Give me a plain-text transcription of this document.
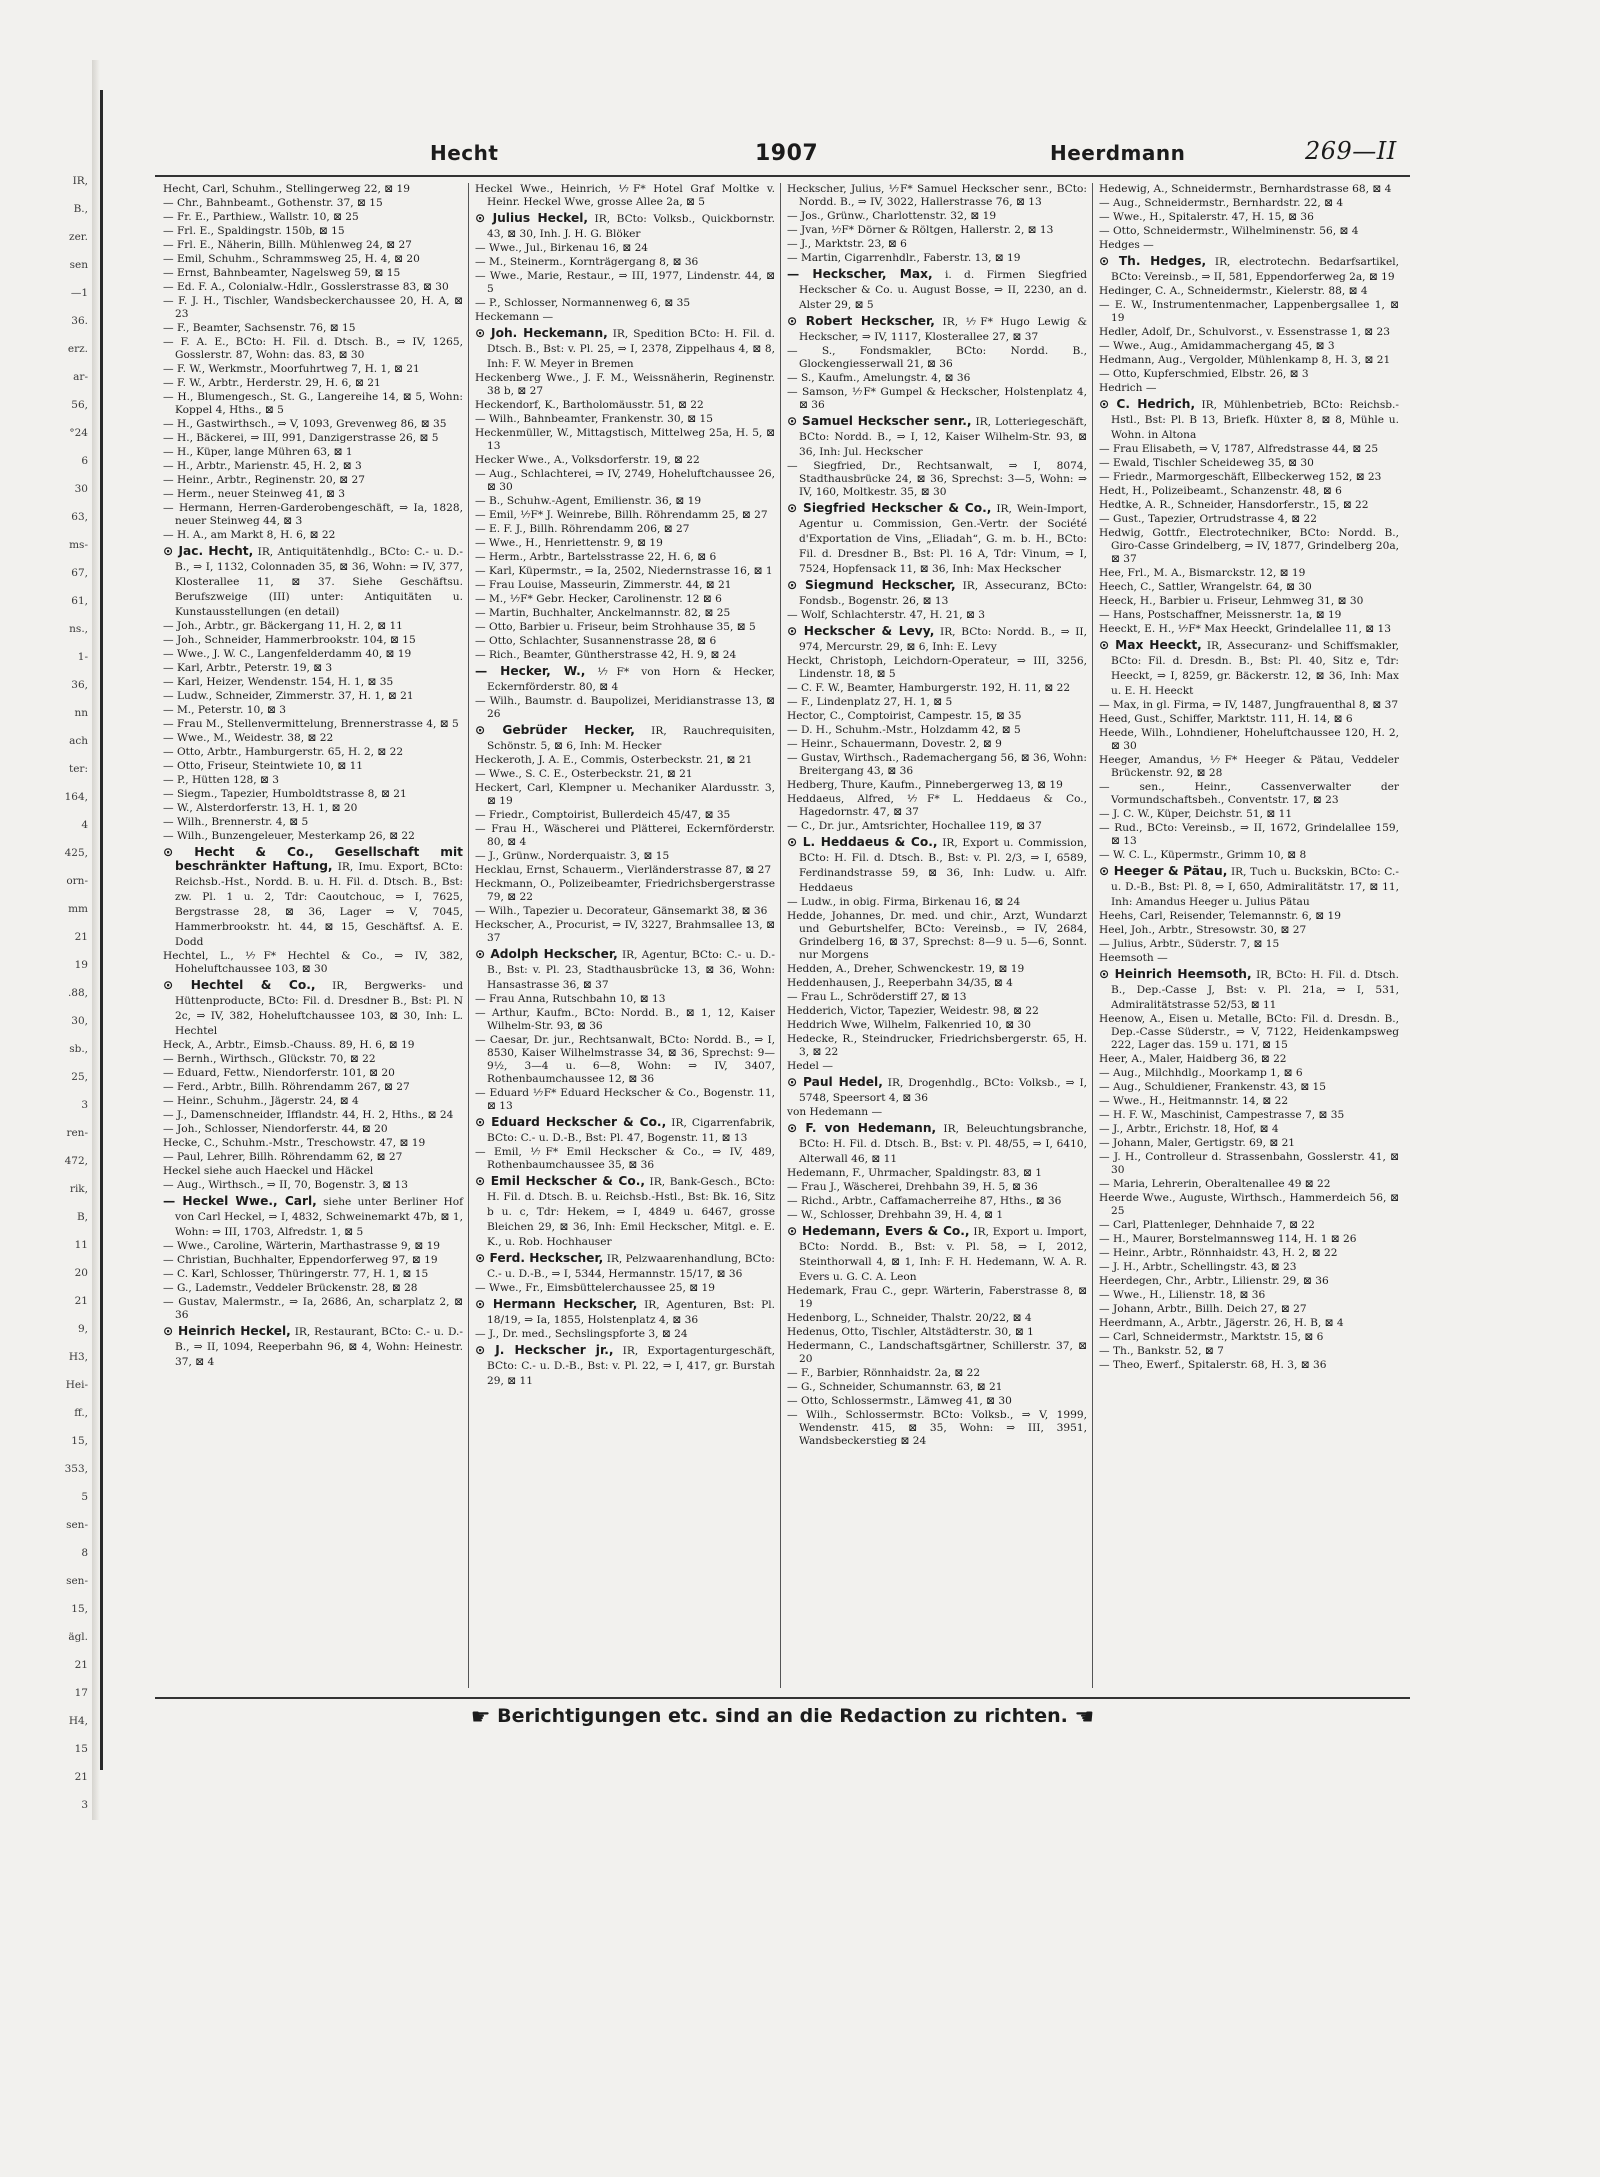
IR,
B.,
zer.
sen
—1
36.
erz.
ar-
56,
°24
6
30
63,
ms-
67,
61,
ns.,
1-
36,
nn
ach
ter:
164,
4
425,
orn-
mm
21
19
.88,
30,
sb.,
25,
3
ren-
472,
rik,
B,
11
20
21
9,
H3,
Hei-
ff.,
15,
353,
5
sen-
8
sen-
15,
ägl.
21
17
H4,
15
21
3
Hecht	1907	Heerdmann	269—II

Hecht, Carl, Schuhm., Stellingerweg 22, ⊠ 19

— Chr., Bahnbeamt., Gothenstr. 37, ⊠ 15

— Fr. E., Parthiew., Wallstr. 10, ⊠ 25

— Frl. E., Spaldingstr. 150b, ⊠ 15

— Frl. E., Näherin, Billh. Mühlenweg 24, ⊠ 27

— Emil, Schuhm., Schrammsweg 25, H. 4, ⊠ 20

— Ernst, Bahnbeamter, Nagelsweg 59, ⊠ 15

— Ed. F. A., Colonialw.-Hdlr., Gosslerstrasse 83, ⊠ 30

— F. J. H., Tischler, Wandsbeckerchaussee 20, H. A, ⊠ 23

— F., Beamter, Sachsenstr. 76, ⊠ 15

— F. A. E., BCto: H. Fil. d. Dtsch. B., ⇒ IV, 1265, Gosslerstr. 87, Wohn: das. 83, ⊠ 30

— F. W., Werkmstr., Moorfuhrtweg 7, H. 1, ⊠ 21

— F. W., Arbtr., Herderstr. 29, H. 6, ⊠ 21

— H., Blumengesch., St. G., Langereihe 14, ⊠ 5, Wohn: Koppel 4, Hths., ⊠ 5

— H., Gastwirthsch., ⇒ V, 1093, Grevenweg 86, ⊠ 35

— H., Bäckerei, ⇒ III, 991, Danzigerstrasse 26, ⊠ 5

— H., Küper, lange Mühren 63, ⊠ 1

— H., Arbtr., Marienstr. 45, H. 2, ⊠ 3

— Heinr., Arbtr., Reginenstr. 20, ⊠ 27

— Herm., neuer Steinweg 41, ⊠ 3

— Hermann, Herren-Garderobengeschäft, ⇒ Ia, 1828, neuer Steinweg 44, ⊠ 3

— H. A., am Markt 8, H. 6, ⊠ 22

⊙ Jac. Hecht, IR, Antiquitätenhdlg., BCto: C.- u. D.-B., ⇒ I, 1132, Colonnaden 35, ⊠ 36, Wohn: ⇒ IV, 377, Klosterallee 11, ⊠ 37. Siehe Geschäftsu. Berufszweige (III) unter: Antiquitäten u. Kunstausstellungen (en detail)

— Joh., Arbtr., gr. Bäckergang 11, H. 2, ⊠ 11

— Joh., Schneider, Hammerbrookstr. 104, ⊠ 15

— Wwe., J. W. C., Langenfelderdamm 40, ⊠ 19

— Karl, Arbtr., Peterstr. 19, ⊠ 3

— Karl, Heizer, Wendenstr. 154, H. 1, ⊠ 35

— Ludw., Schneider, Zimmerstr. 37, H. 1, ⊠ 21

— M., Peterstr. 10, ⊠ 3

— Frau M., Stellenvermittelung, Brennerstrasse 4, ⊠ 5

— Wwe., M., Weidestr. 38, ⊠ 22

— Otto, Arbtr., Hamburgerstr. 65, H. 2, ⊠ 22

— Otto, Friseur, Steintwiete 10, ⊠ 11

— P., Hütten 128, ⊠ 3

— Siegm., Tapezier, Humboldtstrasse 8, ⊠ 21

— W., Alsterdorferstr. 13, H. 1, ⊠ 20

— Wilh., Brennerstr. 4, ⊠ 5

— Wilh., Bunzengeleuer, Mesterkamp 26, ⊠ 22

⊙ Hecht & Co., Gesellschaft mit beschränkter Haftung, IR, Imu. Export, BCto: Reichsb.-Hst., Nordd. B. u. H. Fil. d. Dtsch. B., Bst: zw. Pl. 1 u. 2, Tdr: Caoutchouc, ⇒ I, 7625, Bergstrasse 28, ⊠ 36, Lager ⇒ V, 7045, Hammerbrookstr. ht. 44, ⊠ 15, Geschäftsf. A. E. Dodd

Hechtel, L., ⅐F* Hechtel & Co., ⇒ IV, 382, Hoheluftchaussee 103, ⊠ 30

⊙ Hechtel & Co., IR, Bergwerks- und Hüttenproducte, BCto: Fil. d. Dresdner B., Bst: Pl. N 2c, ⇒ IV, 382, Hoheluftchaussee 103, ⊠ 30, Inh: L. Hechtel

Heck, A., Arbtr., Eimsb.-Chauss. 89, H. 6, ⊠ 19

— Bernh., Wirthsch., Glückstr. 70, ⊠ 22

— Eduard, Fettw., Niendorferstr. 101, ⊠ 20

— Ferd., Arbtr., Billh. Röhrendamm 267, ⊠ 27

— Heinr., Schuhm., Jägerstr. 24, ⊠ 4

— J., Damenschneider, Ifflandstr. 44, H. 2, Hths., ⊠ 24

— Joh., Schlosser, Niendorferstr. 44, ⊠ 20

Hecke, C., Schuhm.-Mstr., Treschowstr. 47, ⊠ 19

— Paul, Lehrer, Billh. Röhrendamm 62, ⊠ 27

Heckel siehe auch Haeckel und Häckel

— Aug., Wirthsch., ⇒ II, 70, Bogenstr. 3, ⊠ 13

— Heckel Wwe., Carl, siehe unter Berliner Hof von Carl Heckel, ⇒ I, 4832, Schweinemarkt 47b, ⊠ 1, Wohn: ⇒ III, 1703, Alfredstr. 1, ⊠ 5

— Wwe., Caroline, Wärterin, Marthastrasse 9, ⊠ 19

— Christian, Buchhalter, Eppendorferweg 97, ⊠ 19

— C. Karl, Schlosser, Thüringerstr. 77, H. 1, ⊠ 15

— G., Lademstr., Veddeler Brückenstr. 28, ⊠ 28

— Gustav, Malermstr., ⇒ Ia, 2686, An, scharplatz 2, ⊠ 36

⊙ Heinrich Heckel, IR, Restaurant, BCto: C.- u. D.-B., ⇒ II, 1094, Reeperbahn 96, ⊠ 4, Wohn: Heinestr. 37, ⊠ 4

Heckel Wwe., Heinrich, ⅐F* Hotel Graf Moltke v. Heinr. Heckel Wwe, grosse Allee 2a, ⊠ 5

⊙ Julius Heckel, IR, BCto: Volksb., Quickbornstr. 43, ⊠ 30, Inh. J. H. G. Blöker

— Wwe., Jul., Birkenau 16, ⊠ 24

— M., Steinerm., Kornträgergang 8, ⊠ 36

— Wwe., Marie, Restaur., ⇒ III, 1977, Lindenstr. 44, ⊠ 5

— P., Schlosser, Normannenweg 6, ⊠ 35

Heckemann —

⊙ Joh. Heckemann, IR, Spedition BCto: H. Fil. d. Dtsch. B., Bst: v. Pl. 25, ⇒ I, 2378, Zippelhaus 4, ⊠ 8, Inh: F. W. Meyer in Bremen

Heckenberg Wwe., J. F. M., Weissnäherin, Reginenstr. 38 b, ⊠ 27

Heckendorf, K., Bartholomäusstr. 51, ⊠ 22

— Wilh., Bahnbeamter, Frankenstr. 30, ⊠ 15

Heckenmüller, W., Mittagstisch, Mittelweg 25a, H. 5, ⊠ 13

Hecker Wwe., A., Volksdorferstr. 19, ⊠ 22

— Aug., Schlachterei, ⇒ IV, 2749, Hoheluftchaussee 26, ⊠ 30

— B., Schuhw.-Agent, Emilienstr. 36, ⊠ 19

— Emil, ⅐F* J. Weinrebe, Billh. Röhrendamm 25, ⊠ 27

— E. F. J., Billh. Röhrendamm 206, ⊠ 27

— Wwe., H., Henriettenstr. 9, ⊠ 19

— Herm., Arbtr., Bartelsstrasse 22, H. 6, ⊠ 6

— Karl, Küpermstr., ⇒ Ia, 2502, Niedernstrasse 16, ⊠ 1

— Frau Louise, Masseurin, Zimmerstr. 44, ⊠ 21

— M., ⅐F* Gebr. Hecker, Carolinenstr. 12 ⊠ 6

— Martin, Buchhalter, Anckelmannstr. 82, ⊠ 25

— Otto, Barbier u. Friseur, beim Strohhause 35, ⊠ 5

— Otto, Schlachter, Susannenstrasse 28, ⊠ 6

— Rich., Beamter, Güntherstrasse 42, H. 9, ⊠ 24

— Hecker, W., ⅐F* von Horn & Hecker, Eckernförderstr. 80, ⊠ 4

— Wilh., Baumstr. d. Baupolizei, Meridianstrasse 13, ⊠ 26

⊙ Gebrüder Hecker, IR, Rauchrequisiten, Schönstr. 5, ⊠ 6, Inh: M. Hecker

Heckeroth, J. A. E., Commis, Osterbeckstr. 21, ⊠ 21

— Wwe., S. C. E., Osterbeckstr. 21, ⊠ 21

Heckert, Carl, Klempner u. Mechaniker Alardusstr. 3, ⊠ 19

— Friedr., Comptoirist, Bullerdeich 45/47, ⊠ 35

— Frau H., Wäscherei und Plätterei, Eckernförderstr. 80, ⊠ 4

— J., Grünw., Norderquaistr. 3, ⊠ 15

Hecklau, Ernst, Schauerm., Vierländerstrasse 87, ⊠ 27

Heckmann, O., Polizeibeamter, Friedrichsbergerstrasse 79, ⊠ 22

— Wilh., Tapezier u. Decorateur, Gänsemarkt 38, ⊠ 36

Heckscher, A., Procurist, ⇒ IV, 3227, Brahmsallee 13, ⊠ 37

⊙ Adolph Heckscher, IR, Agentur, BCto: C.- u. D.-B., Bst: v. Pl. 23, Stadthausbrücke 13, ⊠ 36, Wohn: Hansastrasse 36, ⊠ 37

— Frau Anna, Rutschbahn 10, ⊠ 13

— Arthur, Kaufm., BCto: Nordd. B., ⊠ 1, 12, Kaiser Wilhelm-Str. 93, ⊠ 36

— Caesar, Dr. jur., Rechtsanwalt, BCto: Nordd. B., ⇒ I, 8530, Kaiser Wilhelmstrasse 34, ⊠ 36, Sprechst: 9—9½, 3—4 u. 6—8, Wohn: ⇒ IV, 3407, Rothenbaumchaussee 12, ⊠ 36

— Eduard ⅐F* Eduard Heckscher & Co., Bogenstr. 11, ⊠ 13

⊙ Eduard Heckscher & Co., IR, Cigarrenfabrik, BCto: C.- u. D.-B., Bst: Pl. 47, Bogenstr. 11, ⊠ 13

— Emil, ⅐F* Emil Heckscher & Co., ⇒ IV, 489, Rothenbaumchaussee 35, ⊠ 36

⊙ Emil Heckscher & Co., IR, Bank-Gesch., BCto: H. Fil. d. Dtsch. B. u. Reichsb.-Hstl., Bst: Bk. 16, Sitz b u. c, Tdr: Hekem, ⇒ I, 4849 u. 6467, grosse Bleichen 29, ⊠ 36, Inh: Emil Heckscher, Mitgl. e. E. K., u. Rob. Hochhauser

⊙ Ferd. Heckscher, IR, Pelzwaarenhandlung, BCto: C.- u. D.-B., ⇒ I, 5344, Hermannstr. 15/17, ⊠ 36

— Wwe., Fr., Eimsbüttelerchaussee 25, ⊠ 19

⊙ Hermann Heckscher, IR, Agenturen, Bst: Pl. 18/19, ⇒ Ia, 1855, Holstenplatz 4, ⊠ 36

— J., Dr. med., Sechslingspforte 3, ⊠ 24

⊙ J. Heckscher jr., IR, Exportagenturgeschäft, BCto: C.- u. D.-B., Bst: v. Pl. 22, ⇒ I, 417, gr. Burstah 29, ⊠ 11

Heckscher, Julius, ⅐F* Samuel Heckscher senr., BCto: Nordd. B., ⇒ IV, 3022, Hallerstrasse 76, ⊠ 13

— Jos., Grünw., Charlottenstr. 32, ⊠ 19

— Jvan, ⅐F* Dörner & Röltgen, Hallerstr. 2, ⊠ 13

— J., Marktstr. 23, ⊠ 6

— Martin, Cigarrenhdlr., Faberstr. 13, ⊠ 19

— Heckscher, Max, i. d. Firmen Siegfried Heckscher & Co. u. August Bosse, ⇒ II, 2230, an d. Alster 29, ⊠ 5

⊙ Robert Heckscher, IR, ⅐F* Hugo Lewig & Heckscher, ⇒ IV, 1117, Klosterallee 27, ⊠ 37

— S., Fondsmakler, BCto: Nordd. B., Glockengiesserwall 21, ⊠ 36

— S., Kaufm., Amelungstr. 4, ⊠ 36

— Samson, ⅐F* Gumpel & Heckscher, Holstenplatz 4, ⊠ 36

⊙ Samuel Heckscher senr., IR, Lotteriegeschäft, BCto: Nordd. B., ⇒ I, 12, Kaiser Wilhelm-Str. 93, ⊠ 36, Inh: Jul. Heckscher

— Siegfried, Dr., Rechtsanwalt, ⇒ I, 8074, Stadthausbrücke 24, ⊠ 36, Sprechst: 3—5, Wohn: ⇒ IV, 160, Moltkestr. 35, ⊠ 30

⊙ Siegfried Heckscher & Co., IR, Wein-Import, Agentur u. Commission, Gen.-Vertr. der Société d'Exportation de Vins, „Eliadah“, G. m. b. H., BCto: Fil. d. Dresdner B., Bst: Pl. 16 A, Tdr: Vinum, ⇒ I, 7524, Hopfensack 11, ⊠ 36, Inh: Max Heckscher

⊙ Siegmund Heckscher, IR, Assecuranz, BCto: Fondsb., Bogenstr. 26, ⊠ 13

— Wolf, Schlachterstr. 47, H. 21, ⊠ 3

⊙ Heckscher & Levy, IR, BCto: Nordd. B., ⇒ II, 974, Mercurstr. 29, ⊠ 6, Inh: E. Levy

Heckt, Christoph, Leichdorn-Operateur, ⇒ III, 3256, Lindenstr. 18, ⊠ 5

— C. F. W., Beamter, Hamburgerstr. 192, H. 11, ⊠ 22

— F., Lindenplatz 27, H. 1, ⊠ 5

Hector, C., Comptoirist, Campestr. 15, ⊠ 35

— D. H., Schuhm.-Mstr., Holzdamm 42, ⊠ 5

— Heinr., Schauermann, Dovestr. 2, ⊠ 9

— Gustav, Wirthsch., Rademachergang 56, ⊠ 36, Wohn: Breitergang 43, ⊠ 36

Hedberg, Thure, Kaufm., Pinnebergerweg 13, ⊠ 19

Heddaeus, Alfred, ⅐F* L. Heddaeus & Co., Hagedornstr. 47, ⊠ 37

— C., Dr. jur., Amtsrichter, Hochallee 119, ⊠ 37

⊙ L. Heddaeus & Co., IR, Export u. Commission, BCto: H. Fil. d. Dtsch. B., Bst: v. Pl. 2/3, ⇒ I, 6589, Ferdinandstrasse 59, ⊠ 36, Inh: Ludw. u. Alfr. Heddaeus

— Ludw., in obig. Firma, Birkenau 16, ⊠ 24

Hedde, Johannes, Dr. med. und chir., Arzt, Wundarzt und Geburtshelfer, BCto: Vereinsb., ⇒ IV, 2684, Grindelberg 16, ⊠ 37, Sprechst: 8—9 u. 5—6, Sonnt. nur Morgens

Hedden, A., Dreher, Schwenckestr. 19, ⊠ 19

Heddenhausen, J., Reeperbahn 34/35, ⊠ 4

— Frau L., Schröderstiff 27, ⊠ 13

Hedderich, Victor, Tapezier, Weidestr. 98, ⊠ 22

Heddrich Wwe, Wilhelm, Falkenried 10, ⊠ 30

Hedecke, R., Steindrucker, Friedrichsbergerstr. 65, H. 3, ⊠ 22

Hedel —

⊙ Paul Hedel, IR, Drogenhdlg., BCto: Volksb., ⇒ I, 5748, Speersort 4, ⊠ 36

von Hedemann —

⊙ F. von Hedemann, IR, Beleuchtungsbranche, BCto: H. Fil. d. Dtsch. B., Bst: v. Pl. 48/55, ⇒ I, 6410, Alterwall 46, ⊠ 11

Hedemann, F., Uhrmacher, Spaldingstr. 83, ⊠ 1

— Frau J., Wäscherei, Drehbahn 39, H. 5, ⊠ 36

— Richd., Arbtr., Caffamacherreihe 87, Hths., ⊠ 36

— W., Schlosser, Drehbahn 39, H. 4, ⊠ 1

⊙ Hedemann, Evers & Co., IR, Export u. Import, BCto: Nordd. B., Bst: v. Pl. 58, ⇒ I, 2012, Steinthorwall 4, ⊠ 1, Inh: F. H. Hedemann, W. A. R. Evers u. G. C. A. Leon

Hedemark, Frau C., gepr. Wärterin, Faberstrasse 8, ⊠ 19

Hedenborg, L., Schneider, Thalstr. 20/22, ⊠ 4

Hedenus, Otto, Tischler, Altstädterstr. 30, ⊠ 1

Hedermann, C., Landschaftsgärtner, Schillerstr. 37, ⊠ 20

— F., Barbier, Rönnhaidstr. 2a, ⊠ 22

— G., Schneider, Schumannstr. 63, ⊠ 21

— Otto, Schlossermstr., Lämweg 41, ⊠ 30

— Wilh., Schlossermstr. BCto: Volksb., ⇒ V, 1999, Wendenstr. 415, ⊠ 35, Wohn: ⇒ III, 3951, Wandsbeckerstieg ⊠ 24

Hedewig, A., Schneidermstr., Bernhardstrasse 68, ⊠ 4

— Aug., Schneidermstr., Bernhardstr. 22, ⊠ 4

— Wwe., H., Spitalerstr. 47, H. 15, ⊠ 36

— Otto, Schneidermstr., Wilhelminenstr. 56, ⊠ 4

Hedges —

⊙ Th. Hedges, IR, electrotechn. Bedarfsartikel, BCto: Vereinsb., ⇒ II, 581, Eppendorferweg 2a, ⊠ 19

Hedinger, C. A., Schneidermstr., Kielerstr. 88, ⊠ 4

— E. W., Instrumentenmacher, Lappenbergsallee 1, ⊠ 19

Hedler, Adolf, Dr., Schulvorst., v. Essenstrasse 1, ⊠ 23

— Wwe., Aug., Amidammachergang 45, ⊠ 3

Hedmann, Aug., Vergolder, Mühlenkamp 8, H. 3, ⊠ 21

— Otto, Kupferschmied, Elbstr. 26, ⊠ 3

Hedrich —

⊙ C. Hedrich, IR, Mühlenbetrieb, BCto: Reichsb.-Hstl., Bst: Pl. B 13, Briefk. Hüxter 8, ⊠ 8, Mühle u. Wohn. in Altona

— Frau Elisabeth, ⇒ V, 1787, Alfredstrasse 44, ⊠ 25

— Ewald, Tischler Scheideweg 35, ⊠ 30

— Friedr., Marmorgeschäft, Ellbeckerweg 152, ⊠ 23

Hedt, H., Polizeibeamt., Schanzenstr. 48, ⊠ 6

Hedtke, A. R., Schneider, Hansdorferstr., 15, ⊠ 22

— Gust., Tapezier, Ortrudstrasse 4, ⊠ 22

Hedwig, Gottfr., Electrotechniker, BCto: Nordd. B., Giro-Casse Grindelberg, ⇒ IV, 1877, Grindelberg 20a, ⊠ 37

Hee, Frl., M. A., Bismarckstr. 12, ⊠ 19

Heech, C., Sattler, Wrangelstr. 64, ⊠ 30

Heeck, H., Barbier u. Friseur, Lehmweg 31, ⊠ 30

— Hans, Postschaffner, Meissnerstr. 1a, ⊠ 19

Heeckt, E. H., ⅐F* Max Heeckt, Grindelallee 11, ⊠ 13

⊙ Max Heeckt, IR, Assecuranz- und Schiffsmakler, BCto: Fil. d. Dresdn. B., Bst: Pl. 40, Sitz e, Tdr: Heeckt, ⇒ I, 8259, gr. Bäckerstr. 12, ⊠ 36, Inh: Max u. E. H. Heeckt

— Max, in gl. Firma, ⇒ IV, 1487, Jungfrauenthal 8, ⊠ 37

Heed, Gust., Schiffer, Marktstr. 111, H. 14, ⊠ 6

Heede, Wilh., Lohndiener, Hoheluftchaussee 120, H. 2, ⊠ 30

Heeger, Amandus, ⅐F* Heeger & Pätau, Veddeler Brückenstr. 92, ⊠ 28

— sen., Heinr., Cassenverwalter der Vormundschaftsbeh., Conventstr. 17, ⊠ 23

— J. C. W., Küper, Deichstr. 51, ⊠ 11

— Rud., BCto: Vereinsb., ⇒ II, 1672, Grindelallee 159, ⊠ 13

— W. C. L., Küpermstr., Grimm 10, ⊠ 8

⊙ Heeger & Pätau, IR, Tuch u. Buckskin, BCto: C.- u. D.-B., Bst: Pl. 8, ⇒ I, 650, Admiralitätstr. 17, ⊠ 11, Inh: Amandus Heeger u. Julius Pätau

Heehs, Carl, Reisender, Telemannstr. 6, ⊠ 19

Heel, Joh., Arbtr., Stresowstr. 30, ⊠ 27

— Julius, Arbtr., Süderstr. 7, ⊠ 15

Heemsoth —

⊙ Heinrich Heemsoth, IR, BCto: H. Fil. d. Dtsch. B., Dep.-Casse J, Bst: v. Pl. 21a, ⇒ I, 531, Admiralitätstrasse 52/53, ⊠ 11

Heenow, A., Eisen u. Metalle, BCto: Fil. d. Dresdn. B., Dep.-Casse Süderstr., ⇒ V, 7122, Heidenkampsweg 222, Lager das. 159 u. 171, ⊠ 15

Heer, A., Maler, Haidberg 36, ⊠ 22

— Aug., Milchhdlg., Moorkamp 1, ⊠ 6

— Aug., Schuldiener, Frankenstr. 43, ⊠ 15

— Wwe., H., Heitmannstr. 14, ⊠ 22

— H. F. W., Maschinist, Campestrasse 7, ⊠ 35

— J., Arbtr., Erichstr. 18, Hof, ⊠ 4

— Johann, Maler, Gertigstr. 69, ⊠ 21

— J. H., Controlleur d. Strassenbahn, Gosslerstr. 41, ⊠ 30

— Maria, Lehrerin, Oberaltenallee 49 ⊠ 22

Heerde Wwe., Auguste, Wirthsch., Hammerdeich 56, ⊠ 25

— Carl, Plattenleger, Dehnhaide 7, ⊠ 22

— H., Maurer, Borstelmannsweg 114, H. 1 ⊠ 26

— Heinr., Arbtr., Rönnhaidstr. 43, H. 2, ⊠ 22

— J. H., Arbtr., Schellingstr. 43, ⊠ 23

Heerdegen, Chr., Arbtr., Lilienstr. 29, ⊠ 36

— Wwe., H., Lilienstr. 18, ⊠ 36

— Johann, Arbtr., Billh. Deich 27, ⊠ 27

Heerdmann, A., Arbtr., Jägerstr. 26, H. B, ⊠ 4

— Carl, Schneidermstr., Marktstr. 15, ⊠ 6

— Th., Bankstr. 52, ⊠ 7

— Theo, Ewerf., Spitalerstr. 68, H. 3, ⊠ 36

☛ Berichtigungen etc. sind an die Redaction zu richten. ☚
